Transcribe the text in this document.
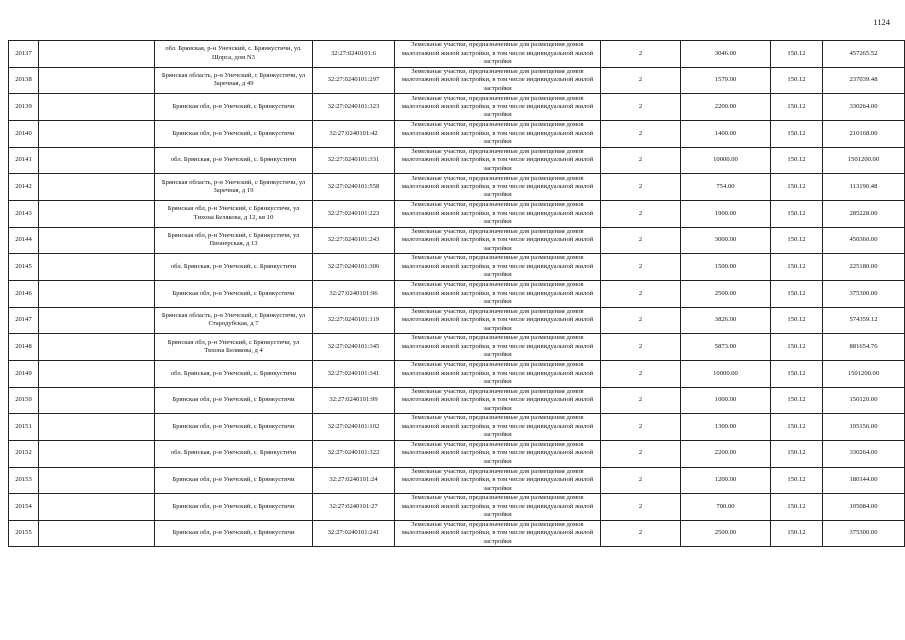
1124
20137		обл. Брянская, р-н Унечский, с. Брянкустичи, ул. Щорса, дом N3	32:27:0240101:6	Земельные участки, предназначенные для размещения домов малоэтажной жилой застройки, в том числе индивидуальной жилой застройки	2	3046.00	150.12	457265.52
20138		Брянская область, р-н Унечский, с Брянкустичи, ул Заречная, д 49	32:27:0240101:297	Земельные участки, предназначенные для размещения домов малоэтажной жилой застройки, в том числе индивидуальной жилой застройки	2	1579.00	150.12	237039.48
20139		Брянская обл, р-н Унечский, с Брянкустичи	32:27:0240101:323	Земельные участки, предназначенные для размещения домов малоэтажной жилой застройки, в том числе индивидуальной жилой застройки	2	2200.00	150.12	330264.00
20140		Брянская обл, р-н Унечский, с Брянкустичи	32:27:0240101:42	Земельные участки, предназначенные для размещения домов малоэтажной жилой застройки, в том числе индивидуальной жилой застройки	2	1400.00	150.12	210168.00
20141		обл. Брянская, р-н Унечский, с. Брянкустичи	32:27:0240101:331	Земельные участки, предназначенные для размещения домов малоэтажной жилой застройки, в том числе индивидуальной жилой застройки	2	10000.00	150.12	1501200.00
20142		Брянская область, р-н Унечский, с Брянкустичи, ул Заречная, д 19	32:27:0240101:558	Земельные участки, предназначенные для размещения домов малоэтажной жилой застройки, в том числе индивидуальной жилой застройки	2	754.00	150.12	113190.48
20143		Брянская обл, р-н Унечский, с Брянкустичи, ул Тихона Белякова, д 12, кв 10	32:27:0240101:223	Земельные участки, предназначенные для размещения домов малоэтажной жилой застройки, в том числе индивидуальной жилой застройки	2	1900.00	150.12	285228.00
20144		Брянская обл, р-н Унечский, с Брянкустичи, ул Пионерская, д 13	32:27:0240101:243	Земельные участки, предназначенные для размещения домов малоэтажной жилой застройки, в том числе индивидуальной жилой застройки	2	3000.00	150.12	450360.00
20145		обл. Брянская, р-н Унечский, с. Брянкустичи	32:27:0240101:306	Земельные участки, предназначенные для размещения домов малоэтажной жилой застройки, в том числе индивидуальной жилой застройки	2	1500.00	150.12	225180.00
20146		Брянская обл, р-н Унечский, с Брянкустичи	32:27:0240101:96	Земельные участки, предназначенные для размещения домов малоэтажной жилой застройки, в том числе индивидуальной жилой застройки	2	2500.00	150.12	375300.00
20147		Брянская область, р-н Унечский, с Брянкустичи, ул Стародубская, д 7	32:27:0240101:119	Земельные участки, предназначенные для размещения домов малоэтажной жилой застройки, в том числе индивидуальной жилой застройки	2	3826.00	150.12	574359.12
20148		Брянская обл, р-н Унечский, с Брянкустичи, ул Тихона Белякова, д 4	32:27:0240101:345	Земельные участки, предназначенные для размещения домов малоэтажной жилой застройки, в том числе индивидуальной жилой застройки	2	5873.00	150.12	881654.76
20149		обл. Брянская, р-н Унечский, с. Брянкустичи	32:27:0240101:341	Земельные участки, предназначенные для размещения домов малоэтажной жилой застройки, в том числе индивидуальной жилой застройки	2	10000.00	150.12	1501200.00
20150		Брянская обл, р-н Унечский, с Брянкустичи	32:27:0240101:99	Земельные участки, предназначенные для размещения домов малоэтажной жилой застройки, в том числе индивидуальной жилой застройки	2	1000.00	150.12	150120.00
20151		Брянская обл, р-н Унечский, с Брянкустичи	32:27:0240101:102	Земельные участки, предназначенные для размещения домов малоэтажной жилой застройки, в том числе индивидуальной жилой застройки	2	1300.00	150.12	195156.00
20152		обл. Брянская, р-н Унечский, с. Брянкустичи	32:27:0240101:322	Земельные участки, предназначенные для размещения домов малоэтажной жилой застройки, в том числе индивидуальной жилой застройки	2	2200.00	150.12	330264.00
20153		Брянская обл, р-н Унечский, с Брянкустичи	32:27:0240101:24	Земельные участки, предназначенные для размещения домов малоэтажной жилой застройки, в том числе индивидуальной жилой застройки	2	1200.00	150.12	180144.00
20154		Брянская обл, р-н Унечский, с Брянкустичи	32:27:0240101:27	Земельные участки, предназначенные для размещения домов малоэтажной жилой застройки, в том числе индивидуальной жилой застройки	2	700.00	150.12	105084.00
20155		Брянская обл, р-н Унечский, с Брянкустичи	32:27:0240101:241	Земельные участки, предназначенные для размещения домов малоэтажной жилой застройки, в том числе индивидуальной жилой застройки	2	2500.00	150.12	375300.00
